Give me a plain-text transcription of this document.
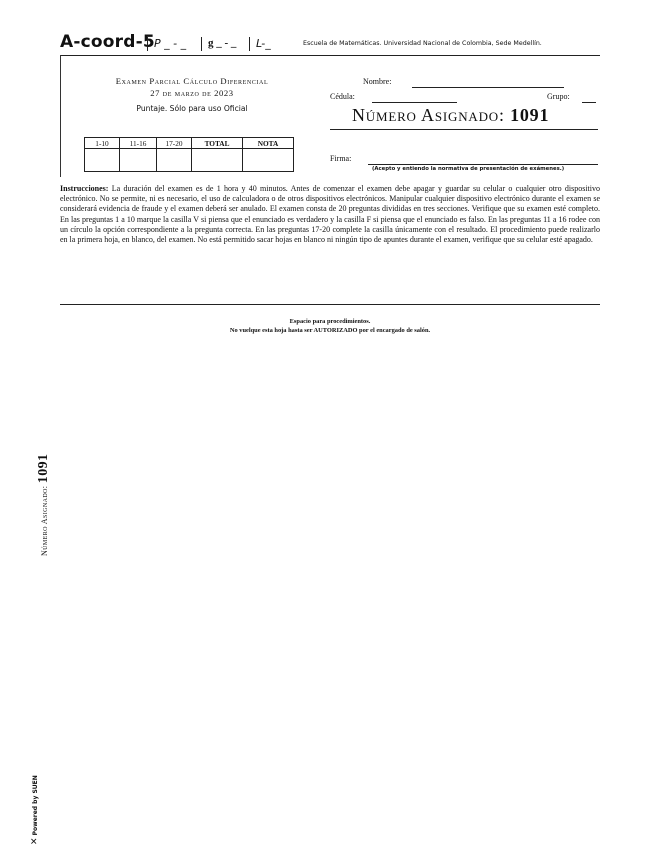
A-coord-5 P _ - _	g _ - _	L-_	Escuela de Matemáticas. Universidad Nacional de Colombia, Sede Medellín.
Examen Parcial Cálculo Diferencial
27 de marzo de 2023
Puntaje. Sólo para uso Oficial
1-10	11-16	17-20	TOTAL	NOTA

Nombre:
Cédula:	Grupo:
Número Asignado: 1091
Firma:
(Acepto y entiendo la normativa de presentación de exámenes.)
Instrucciones: La duración del examen es de 1 hora y 40 minutos. Antes de comenzar el examen debe apagar y guardar su celular o cualquier otro dispositivo electrónico. No se permite, ni es necesario, el uso de calculadora o de otros dispositivos electrónicos. Manipular cualquier dispositivo electrónico durante el examen se considerará evidencia de fraude y el examen deberá ser anulado. El examen consta de 20 preguntas divididas en tres secciones. Verifique que su examen esté completo. En las preguntas 1 a 10 marque la casilla V si piensa que el enunciado es verdadero y la casilla F si piensa que el enunciado es falso. En las preguntas 11 a 16 rodee con un círculo la opción correspondiente a la pregunta correcta. En las preguntas 17-20 complete la casilla únicamente con el resultado. El procedimiento puede realizarlo en la primera hoja, en blanco, del examen. No está permitido sacar hojas en blanco ni ningún tipo de apuntes durante el examen, verifique que su celular esté apagado.
Espacio para procedimientos.
No vuelque esta hoja hasta ser AUTORIZADO por el encargado de salón.
Número Asignado: 1091
✕ Powered by SUEN
